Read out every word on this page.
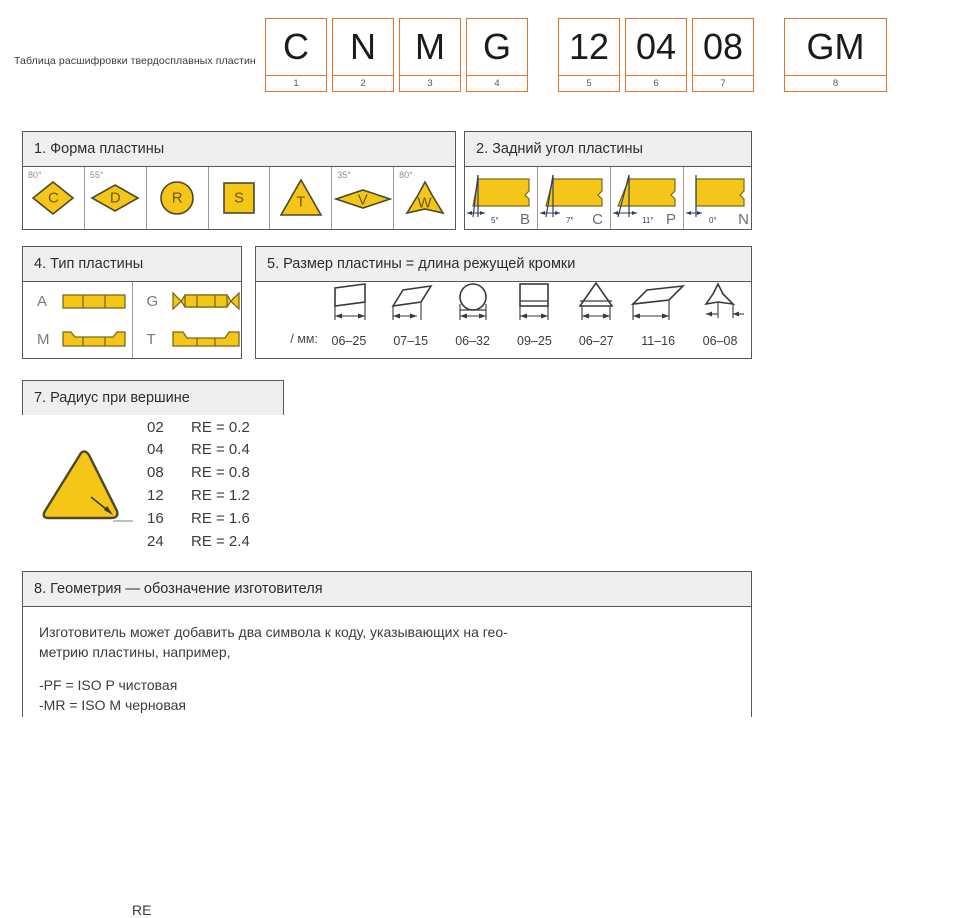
Таблица расшифровки твердосплавных пластин C
1
N
2
M
3
G
4
12
5
04
6
08
7
GM
8
1. Форма пластины
80°
C
55°
D	R	S	T
35°
V
80°
W
2. Задний угол пластины
5° B	7° C	11° P	0° N
4. Тип пластины
A
M
G
T
5. Размер пластины = длина режущей кромки
/ мм: 06–25 07–15 06–32 09–25 06–27 11–16 06–08
7. Радиус при вершине
RE
02	RE = 0.2
04	RE = 0.4
08	RE = 0.8
12	RE = 1.2
16	RE = 1.6
24	RE = 2.4
8. Геометрия — обозначение изготовителя

Изготовитель может добавить два символа к коду, указывающих на гео-

метрию пластины, например,

-PF = ISO P чистовая

-MR = ISO M черновая
